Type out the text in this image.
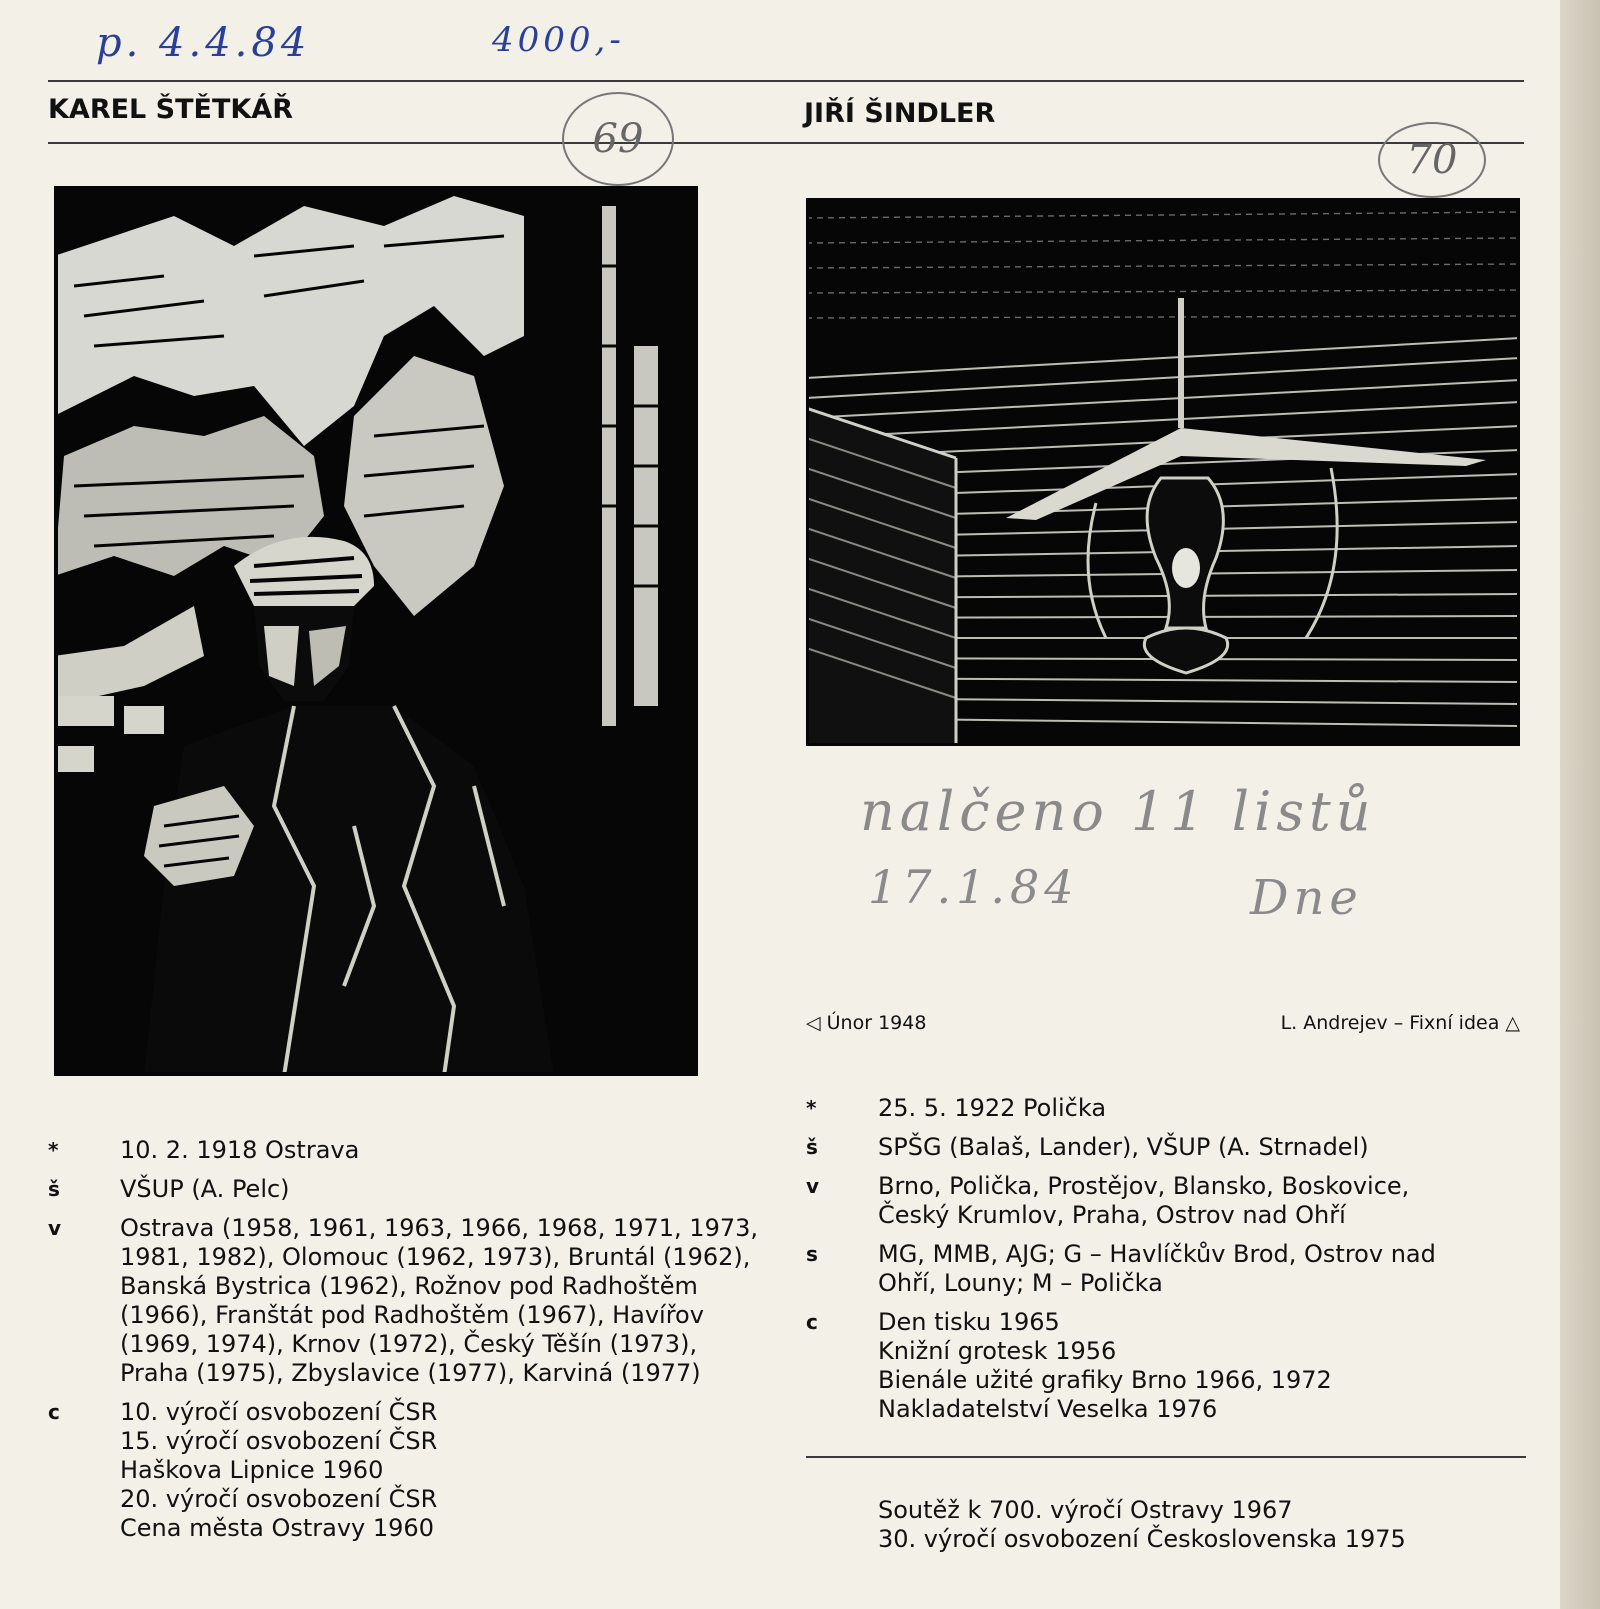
p. 4.4.84	4000,-
KAREL ŠTĚTKÁŘ	JIŘÍ ŠINDLER
69	70
nalčeno 11 listů
17.1.84	Dne
◁ Únor 1948	L. Andrejev – Fixní idea △
*	10. 2. 1918 Ostrava
š	VŠUP (A. Pelc)
v	Ostrava (1958, 1961, 1963, 1966, 1968, 1971, 1973,
1981, 1982), Olomouc (1962, 1973), Bruntál (1962),
Banská Bystrica (1962), Rožnov pod Radhoštěm
(1966), Franštát pod Radhoštěm (1967), Havířov
(1969, 1974), Krnov (1972), Český Těšín (1973),
Praha (1975), Zbyslavice (1977), Karviná (1977)
c	10. výročí osvobození ČSR
15. výročí osvobození ČSR
Haškova Lipnice 1960
20. výročí osvobození ČSR
Cena města Ostravy 1960
*	25. 5. 1922 Polička
š	SPŠG (Balaš, Lander), VŠUP (A. Strnadel)
v	Brno, Polička, Prostějov, Blansko, Boskovice,
Český Krumlov, Praha, Ostrov nad Ohří
s	MG, MMB, AJG; G – Havlíčkův Brod, Ostrov nad
Ohří, Louny; M – Polička
c	Den tisku 1965
Knižní grotesk 1956
Bienále užité grafiky Brno 1966, 1972
Nakladatelství Veselka 1976
Soutěž k 700. výročí Ostravy 1967
30. výročí osvobození Československa 1975
